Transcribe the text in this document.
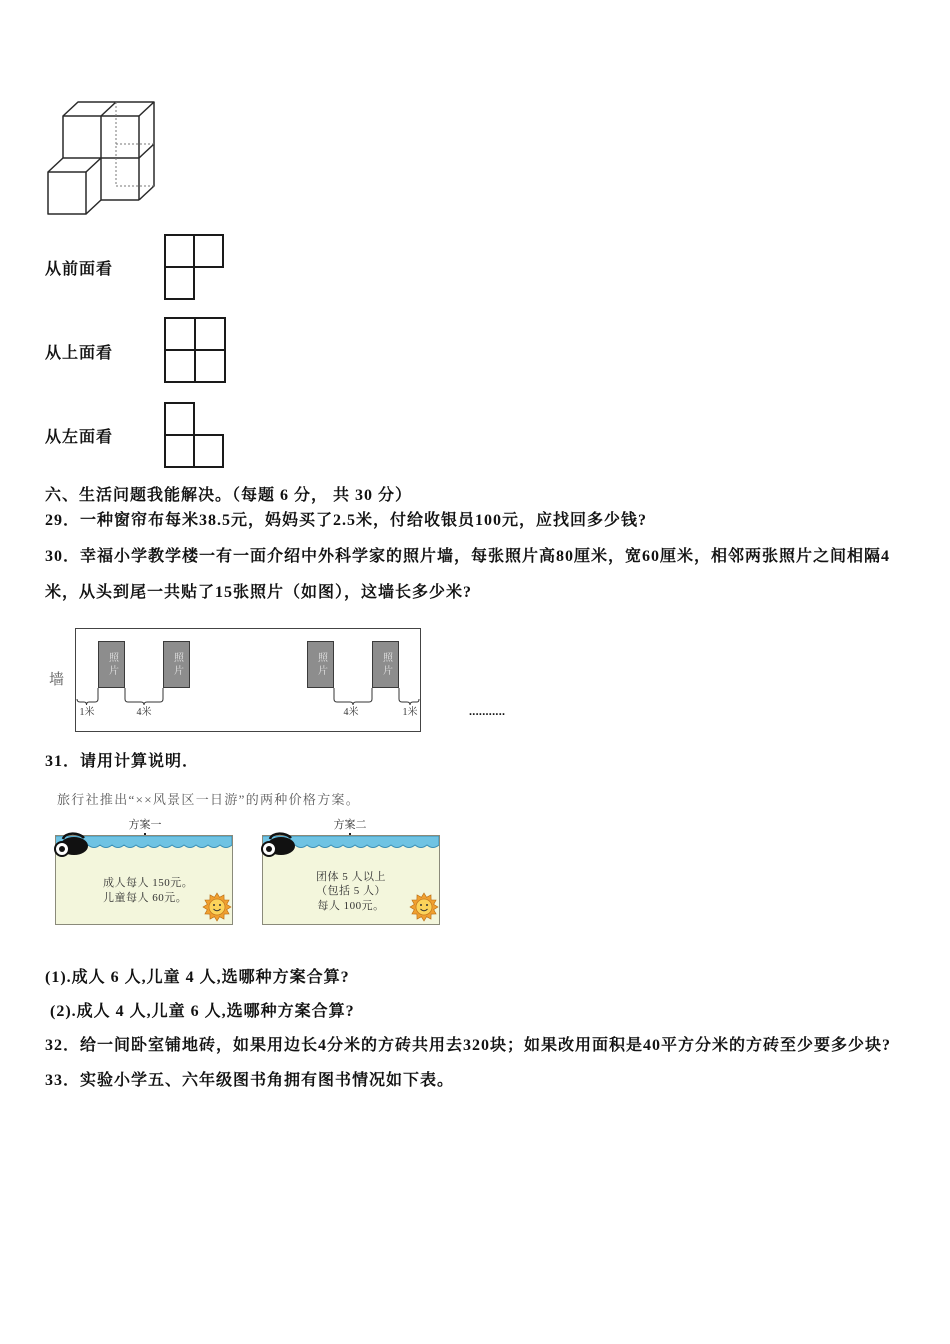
从前面看
从上面看
从左面看
六、生活问题我能解决。（每题 6 分， 共 30 分）
29．一种窗帘布每米38.5元，妈妈买了2.5米，付给收银员100元，应找回多少钱?
30．幸福小学教学楼一有一面介绍中外科学家的照片墙，每张照片高80厘米，宽60厘米，相邻两张照片之间相隔4
米，从头到尾一共贴了15张照片（如图），这墙长多少米?
墙
照片	照片	照片	照片
1米	4米	4米	1米	...........
31．请用计算说明．
旅行社推出“××风景区一日游”的两种价格方案。
方案一
成人每人 150元。
儿童每人 60元。
方案二
团体 5 人以上
（包括 5 人）
每人 100元。
(1).成人 6 人,儿童 4 人,选哪种方案合算?
(2).成人 4 人,儿童 6 人,选哪种方案合算?
32．给一间卧室铺地砖，如果用边长4分米的方砖共用去320块；如果改用面积是40平方分米的方砖至少要多少块?
33．实验小学五、六年级图书角拥有图书情况如下表。
